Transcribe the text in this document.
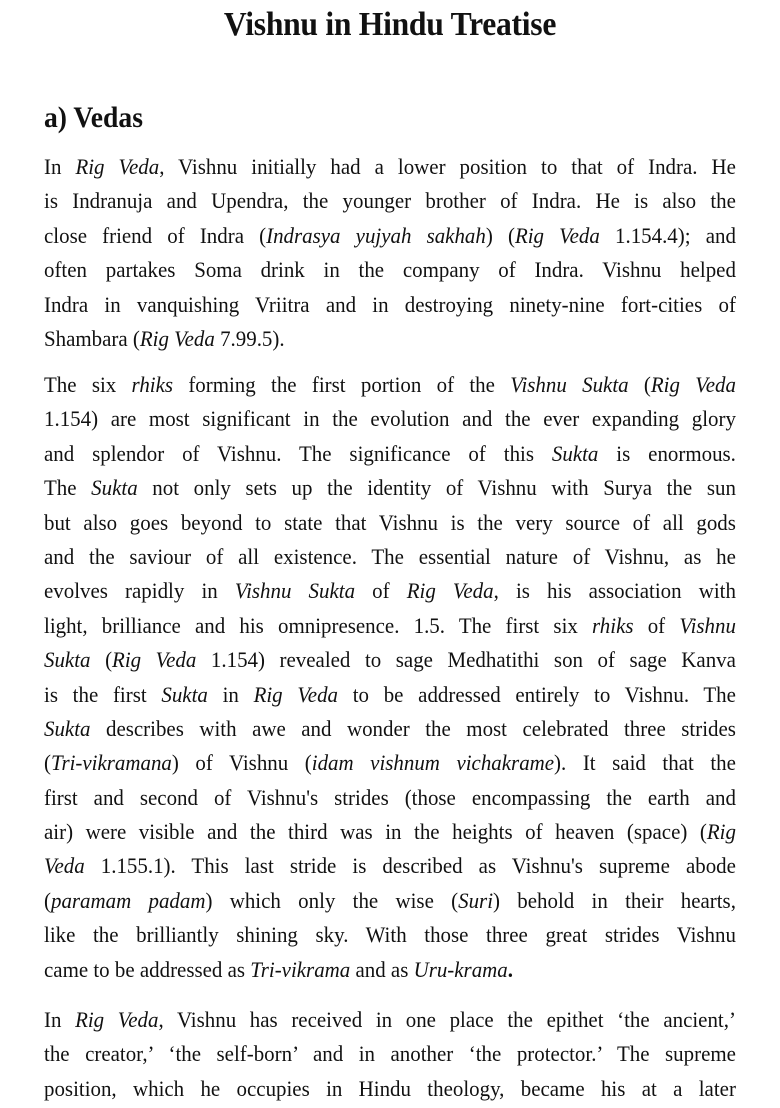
Vishnu in Hindu Treatise
a) Vedas
In Rig Veda, Vishnu initially had a lower position to that of Indra. He
is Indranuja and Upendra, the younger brother of Indra. He is also the
close friend of Indra (Indrasya yujyah sakhah) (Rig Veda 1.154.4); and
often partakes Soma drink in the company of Indra. Vishnu helped
Indra in vanquishing Vriitra and in destroying ninety-nine fort-cities of
Shambara (Rig Veda 7.99.5).
The six rhiks forming the first portion of the Vishnu Sukta (Rig Veda
1.154) are most significant in the evolution and the ever expanding glory
and splendor of Vishnu. The significance of this Sukta is enormous.
The Sukta not only sets up the identity of Vishnu with Surya the sun
but also goes beyond to state that Vishnu is the very source of all gods
and the saviour of all existence. The essential nature of Vishnu, as he
evolves rapidly in Vishnu Sukta of Rig Veda, is his association with
light, brilliance and his omnipresence. 1.5. The first six rhiks of Vishnu
Sukta (Rig Veda 1.154) revealed to sage Medhatithi son of sage Kanva
is the first Sukta in Rig Veda to be addressed entirely to Vishnu. The
Sukta describes with awe and wonder the most celebrated three strides
(Tri-vikramana) of Vishnu (idam vishnum vichakrame). It said that the
first and second of Vishnu's strides (those encompassing the earth and
air) were visible and the third was in the heights of heaven (space) (Rig
Veda 1.155.1). This last stride is described as Vishnu's supreme abode
(paramam padam) which only the wise (Suri) behold in their hearts,
like the brilliantly shining sky. With those three great strides Vishnu
came to be addressed as Tri-vikrama and as Uru-krama.
In Rig Veda, Vishnu has received in one place the epithet ‘the ancient,’
the creator,’ ‘the self-born’ and in another ‘the protector.’ The supreme
position, which he occupies in Hindu theology, became his at a later
